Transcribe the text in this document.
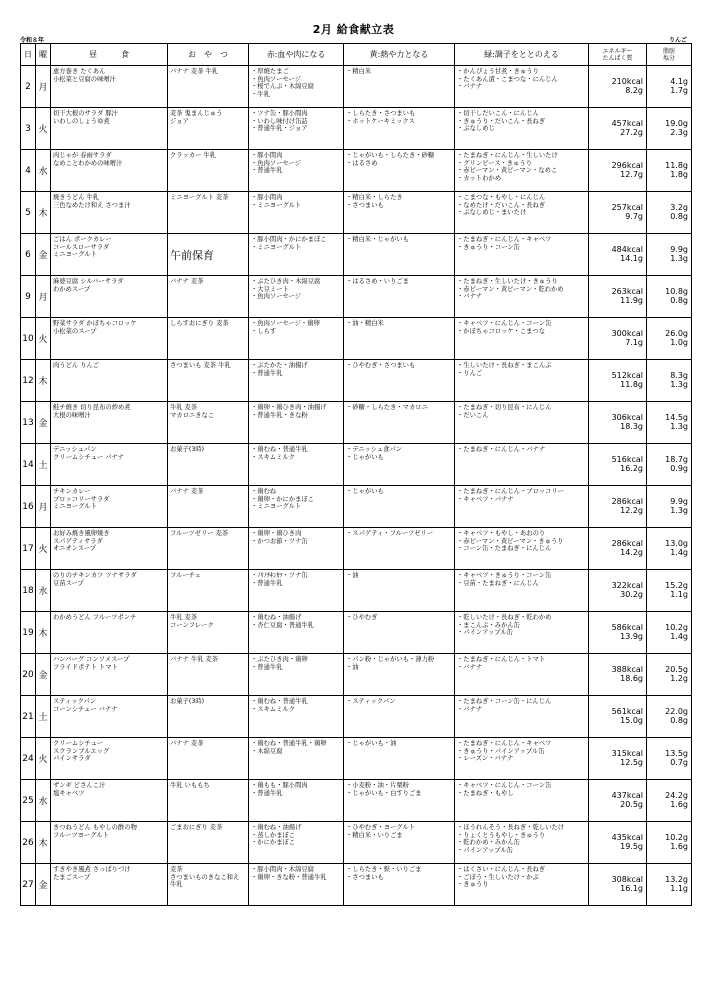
2月 給食献立表
令和８年	りんご
日	曜	昼　　　食	お　や　つ	赤:血や肉になる	黄:熱や力となる	緑:調子をととのえる	エネルギー
たんぱく質	脂肪
塩分
2	月	恵方巻き たくあん
小松菜と豆腐の味噌汁	バナナ 麦茶 牛乳	・厚焼たまご
・魚肉ソーセージ
・桜でんぶ・木綿豆腐
・牛乳	・精白米	・かんぴょう甘煮・きゅうり
・たくあん漬・こまつな・にんじん
・バナナ	210kcal
8.2g	4.1g
1.7g

3	火	切干大根のサラダ 豚汁
いわしのしょうゆ煮	麦茶 鬼まんじゅう
ジョア	・ツナ缶・豚小間肉
・いわし味付け缶詰
・普通牛乳・ジョア	・しらたき・さつまいも
・ホットケーキミックス	・切干しだいこん・にんじん
・きゅうり・だいこん・長ねぎ
・ぶなしめじ	457kcal
27.2g	19.0g
2.3g

4	水	肉じゃが 春雨サラダ
なめことわかめの味噌汁	クラッカー 牛乳	・豚小間肉
・魚肉ソーセージ
・普通牛乳	・じゃがいも・しらたき・砂糖
・はるさめ	・たまねぎ・にんじん・生しいたけ
・グリンピース・きゅうり
・赤ピーマン・黄ピーマン・なめこ
・カットわかめ	296kcal
12.7g	11.8g
1.8g

5	木	焼きうどん 牛乳
三色なめたけ和え さつま汁	ミニヨーグルト 麦茶	・豚小間肉
・ミニヨーグルト	・精白米・しらたき
・さつまいも	・こまつな・もやし・にんじん
・なめたけ・だいこん・長ねぎ
・ぶなしめじ・まいたけ	257kcal
9.7g	3.2g
0.8g

6	金	ごはん ポークカレー
コールスローサラダ
ミニヨーグルト	午前保育	・豚小間肉・かにかまぼこ
・ミニヨーグルト	・精白米・じゃがいも	・たまねぎ・にんじん・キャベツ
・きゅうり・コーン缶	484kcal
14.1g	9.9g
1.3g

9	月	麻婆豆腐 シルバーサラダ
わかめスープ	バナナ 麦茶	・ぶたひき肉・木綿豆腐
・大豆ミート
・魚肉ソーセージ	・はるさめ・いりごま	・たまねぎ・生しいたけ・きゅうり
・赤ピーマン・黄ピーマン・乾わかめ
・バナナ	263kcal
11.9g	10.8g
0.8g

10	火	野菜サラダ かぼちゃコロッケ
小松菜のスープ	しらすおにぎり 麦茶	・魚肉ソーセージ・鶏卵
・しらす	・油・精白米	・キャベツ・にんじん・コーン缶
・かぼちゃコロッケ・こまつな	300kcal
7.1g	26.0g
1.0g

12	木	肉うどん りんご	さつまいも 麦茶 牛乳	・ぶたかた・油揚げ
・普通牛乳	・ひやむぎ・さつまいも	・生しいたけ・長ねぎ・まこんぶ
・りんご	512kcal
11.8g	8.3g
1.3g

13	金	鮭チ焼き 切り昆布の炒め煮
大根の味噌汁	牛乳 麦茶
マカロニきなこ	・鶏卵・鶏ひき肉・油揚げ
・普通牛乳・きな粉	・砂糖・しらたき・マカロニ	・たまねぎ・切り昆布・にんじん
・だいこん	306kcal
18.3g	14.5g
1.3g

14	土	デニッシュパン
クリームシチュー バナナ	お菓子(3時)	・鶏むね・普通牛乳
・スキムミルク	・デニッシュ食パン
・じゃがいも	・たまねぎ・にんじん・バナナ	516kcal
16.2g	18.7g
0.9g

16	月	チキンカレー
ブロッコリーサラダ
ミニヨーグルト	バナナ 麦茶	・鶏むね
・鶏卵・かにかまぼこ
・ミニヨーグルト	・じゃがいも	・たまねぎ・にんじん・ブロッコリー
・キャベツ・バナナ	286kcal
12.2g	9.9g
1.3g

17	火	お好み焼き風卵焼き
スパゲティサラダ
オニオンスープ	フルーツゼリー 麦茶	・鶏卵・鶏ひき肉
・かつお節・ツナ缶	・スパゲティ・フルーツゼリー	・キャベツ・もやし・あおのり
・赤ピーマン・黄ピーマン・きゅうり
・コーン缶・たまねぎ・にんじん	286kcal
14.2g	13.0g
1.4g

18	水	のりのチキンカツ ツナサラダ
豆苗スープ	フルーチェ	・ﾉﾘﾉﾁｷﾝｶﾂ・ツナ缶
・普通牛乳	・油	・キャベツ・きゅうり・コーン缶
・豆苗・たまねぎ・にんじん	322kcal
30.2g	15.2g
1.1g

19	木	わかめうどん フルーツポンチ	牛乳 麦茶
コーンフレーク	・鶏むね・油揚げ
・杏仁豆腐・普通牛乳	・ひやむぎ	・乾しいたけ・長ねぎ・乾わかめ
・まこんぶ・みかん缶
・パインアップル缶	586kcal
13.9g	10.2g
1.4g

20	金	ハンバーグ コンソメスープ
フライドポテト トマト	バナナ 牛乳 麦茶	・ぶたひき肉・鶏卵
・普通牛乳	・パン粉・じゃがいも・薄力粉
・油	・たまねぎ・にんじん・トマト
・バナナ	388kcal
18.6g	20.5g
1.2g

21	土	スティックパン
コーンシチュー バナナ	お菓子(3時)	・鶏むね・普通牛乳
・スキムミルク	・スティックパン	・たまねぎ・コーン缶・にんじん
・バナナ	561kcal
15.0g	22.0g
0.8g

24	火	クリームシチュー
スクランブルエッグ
パインサラダ	バナナ 麦茶	・鶏むね・普通牛乳・鶏卵
・木綿豆腐	・じゃがいも・油	・たまねぎ・にんじん・キャベツ
・きゅうり・パインアップル缶
・レーズン・バナナ	315kcal
12.5g	13.5g
0.7g

25	水	ザンギ どさんこ汁
塩キャベツ	牛乳 いももち	・鶏もも・豚小間肉
・普通牛乳	・小麦粉・油・片栗粉
・じゃがいも・白すりごま	・キャベツ・にんじん・コーン缶
・たまねぎ・もやし	437kcal
20.5g	24.2g
1.6g

26	木	きつねうどん もやしの酢の物
フルーツヨーグルト	ごまおにぎり 麦茶	・鶏むね・油揚げ
・蒸しかまぼこ
・かにかまぼこ	・ひやむぎ・ヨーグルト
・精白米・いりごま	・ほうれんそう・長ねぎ・乾しいたけ
・りょくとうもやし・きゅうり
・乾わかめ・みかん缶
・パインアップル缶	435kcal
19.5g	10.2g
1.6g

27	金	すきやき風煮 さっぱりづけ
たまごスープ	麦茶
さつまいものきなこ和え
牛乳	・豚小間肉・木綿豆腐
・鶏卵・きな粉・普通牛乳	・しらたき・麩・いりごま
・さつまいも	・はくさい・にんじん・長ねぎ
・ごぼう・生しいたけ・かぶ
・きゅうり	308kcal
16.1g	13.2g
1.1g
